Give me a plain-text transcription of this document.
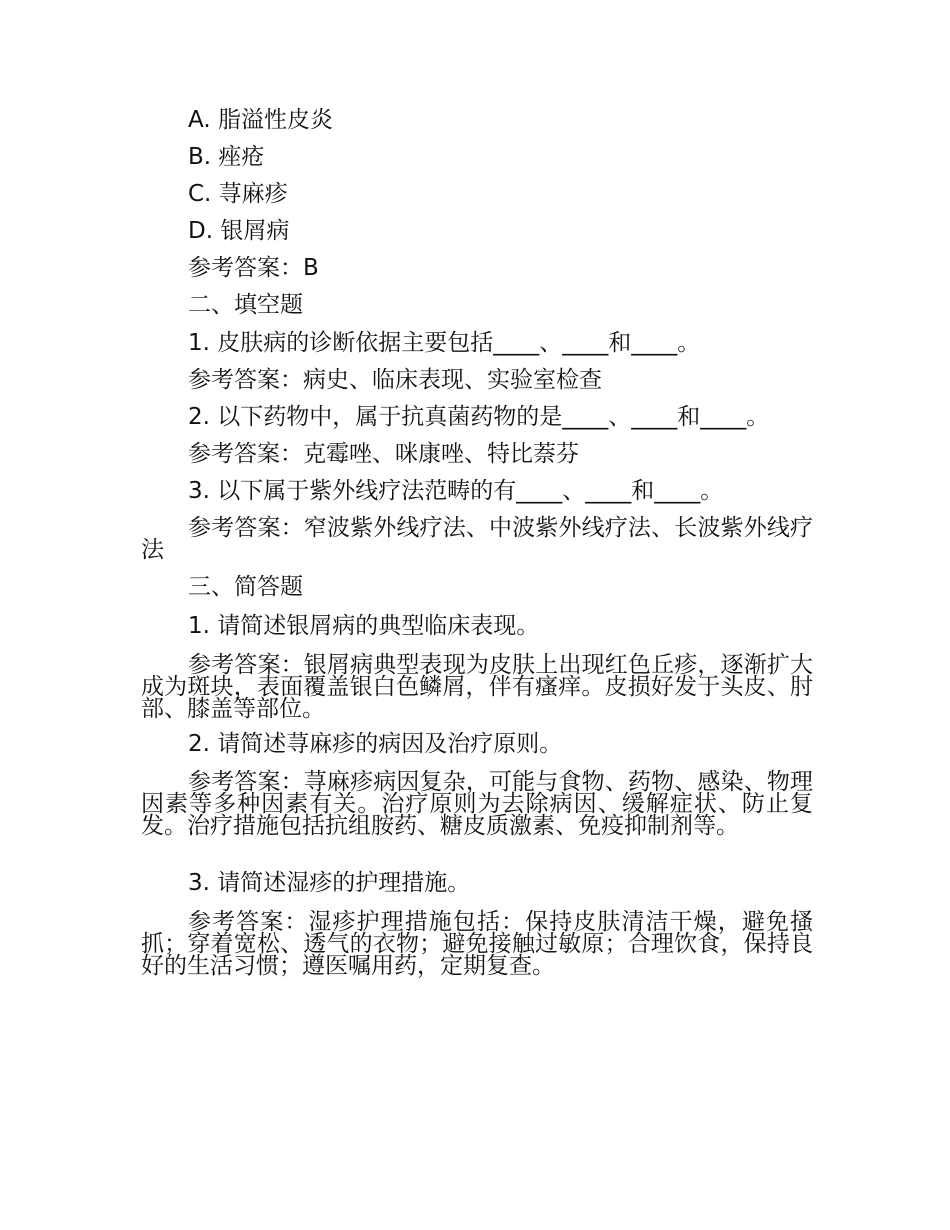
A. 脂溢性皮炎
B. 痤疮
C. 荨麻疹
D. 银屑病
参考答案：B
二、填空题
1. 皮肤病的诊断依据主要包括____、____和____。
参考答案：病史、临床表现、实验室检查
2. 以下药物中，属于抗真菌药物的是____、____和____。
参考答案：克霉唑、咪康唑、特比萘芬
3. 以下属于紫外线疗法范畴的有____、____和____。
参考答案：窄波紫外线疗法、中波紫外线疗法、长波紫外线疗法
三、简答题
1. 请简述银屑病的典型临床表现。
参考答案：银屑病典型表现为皮肤上出现红色丘疹，逐渐扩大成为斑块，表面覆盖银白色鳞屑，伴有瘙痒。皮损好发于头皮、肘部、膝盖等部位。
2. 请简述荨麻疹的病因及治疗原则。
参考答案：荨麻疹病因复杂，可能与食物、药物、感染、物理因素等多种因素有关。治疗原则为去除病因、缓解症状、防止复发。治疗措施包括抗组胺药、糖皮质激素、免疫抑制剂等。
3. 请简述湿疹的护理措施。
参考答案：湿疹护理措施包括：保持皮肤清洁干燥，避免搔抓；穿着宽松、透气的衣物；避免接触过敏原；合理饮食，保持良好的生活习惯；遵医嘱用药，定期复查。
